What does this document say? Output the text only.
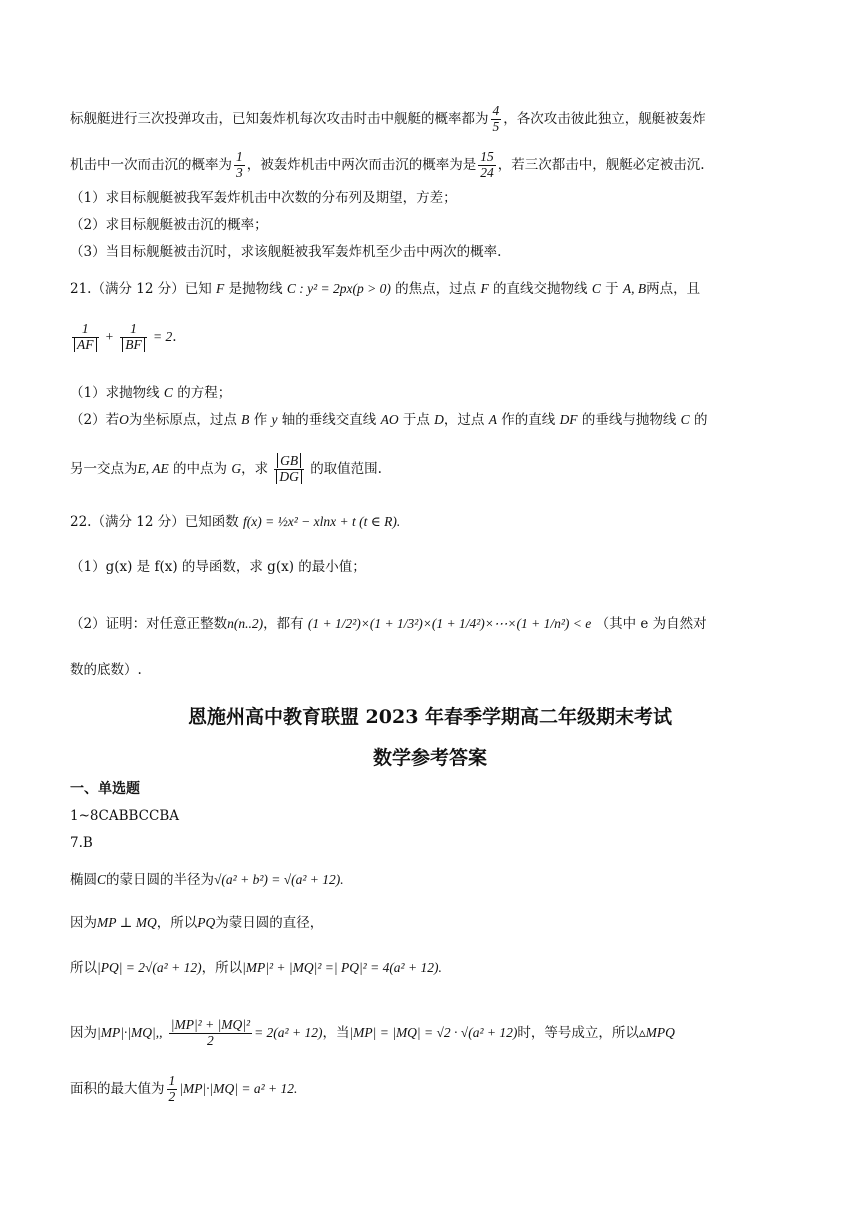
标舰艇进行三次投弹攻击，已知轰炸机每次攻击时击中舰艇的概率都为 $\frac{4}{5}$ ，各次攻击彼此独立，舰艇被轰炸
机击中一次而击沉的概率为 $\frac{1}{3}$ ，被轰炸机击中两次而击沉的概率为是 $\frac{15}{24}$ ，若三次都击中，舰艇必定被击沉.
（1）求目标舰艇被我军轰炸机击中次数的分布列及期望，方差；
（2）求目标舰艇被击沉的概率；
（3）当目标舰艇被击沉时，求该舰艇被我军轰炸机至少击中两次的概率.
21.（满分 12 分）已知 F 是抛物线 C : y² = 2px(p > 0) 的焦点，过点 F 的直线交抛物线 C 于 A, B两点，且
$\frac{1}{AF} + \frac{1}{BF} = 2$.
（1）求抛物线 C 的方程；
（2）若O为坐标原点，过点 B 作 y 轴的垂线交直线 AO 于点 D，过点 A 作的直线 DF 的垂线与抛物线 C 的
另一交点为E, AE 的中点为 G，求 $\frac{GB}{DG}$ 的取值范围.
22.（满分 12 分）已知函数 f(x) = ½x² − xlnx + t (t ∈ R).
（1）g(x) 是 f(x) 的导函数，求 g(x) 的最小值；
（2）证明：对任意正整数n(n..2)，都有 (1 + 1/2²)×(1 + 1/3²)×(1 + 1/4²)×⋯×(1 + 1/n²) < e （其中 e 为自然对
数的底数）.
恩施州高中教育联盟 2023 年春季学期高二年级期末考试
数学参考答案
一、单选题
1~8CABBCCBA
7.B
椭圆C的蒙日圆的半径为√(a² + b²) = √(a² + 12).
因为MP ⊥ MQ，所以PQ为蒙日圆的直径，
所以|PQ| = 2√(a² + 12)，所以|MP|² + |MQ|² =| PQ|² = 4(a² + 12).
因为|MP|·|MQ|,, $\frac{\text{|MP|² + |MQ|²}}{2} = 2(a^2 + 12)$，当|MP| = |MQ| = √2 · √(a² + 12)时，等号成立，所以▵MPQ
面积的最大值为 $\frac{1}{2} |MP|\cdot|MQ| = a^2 + 12$.
